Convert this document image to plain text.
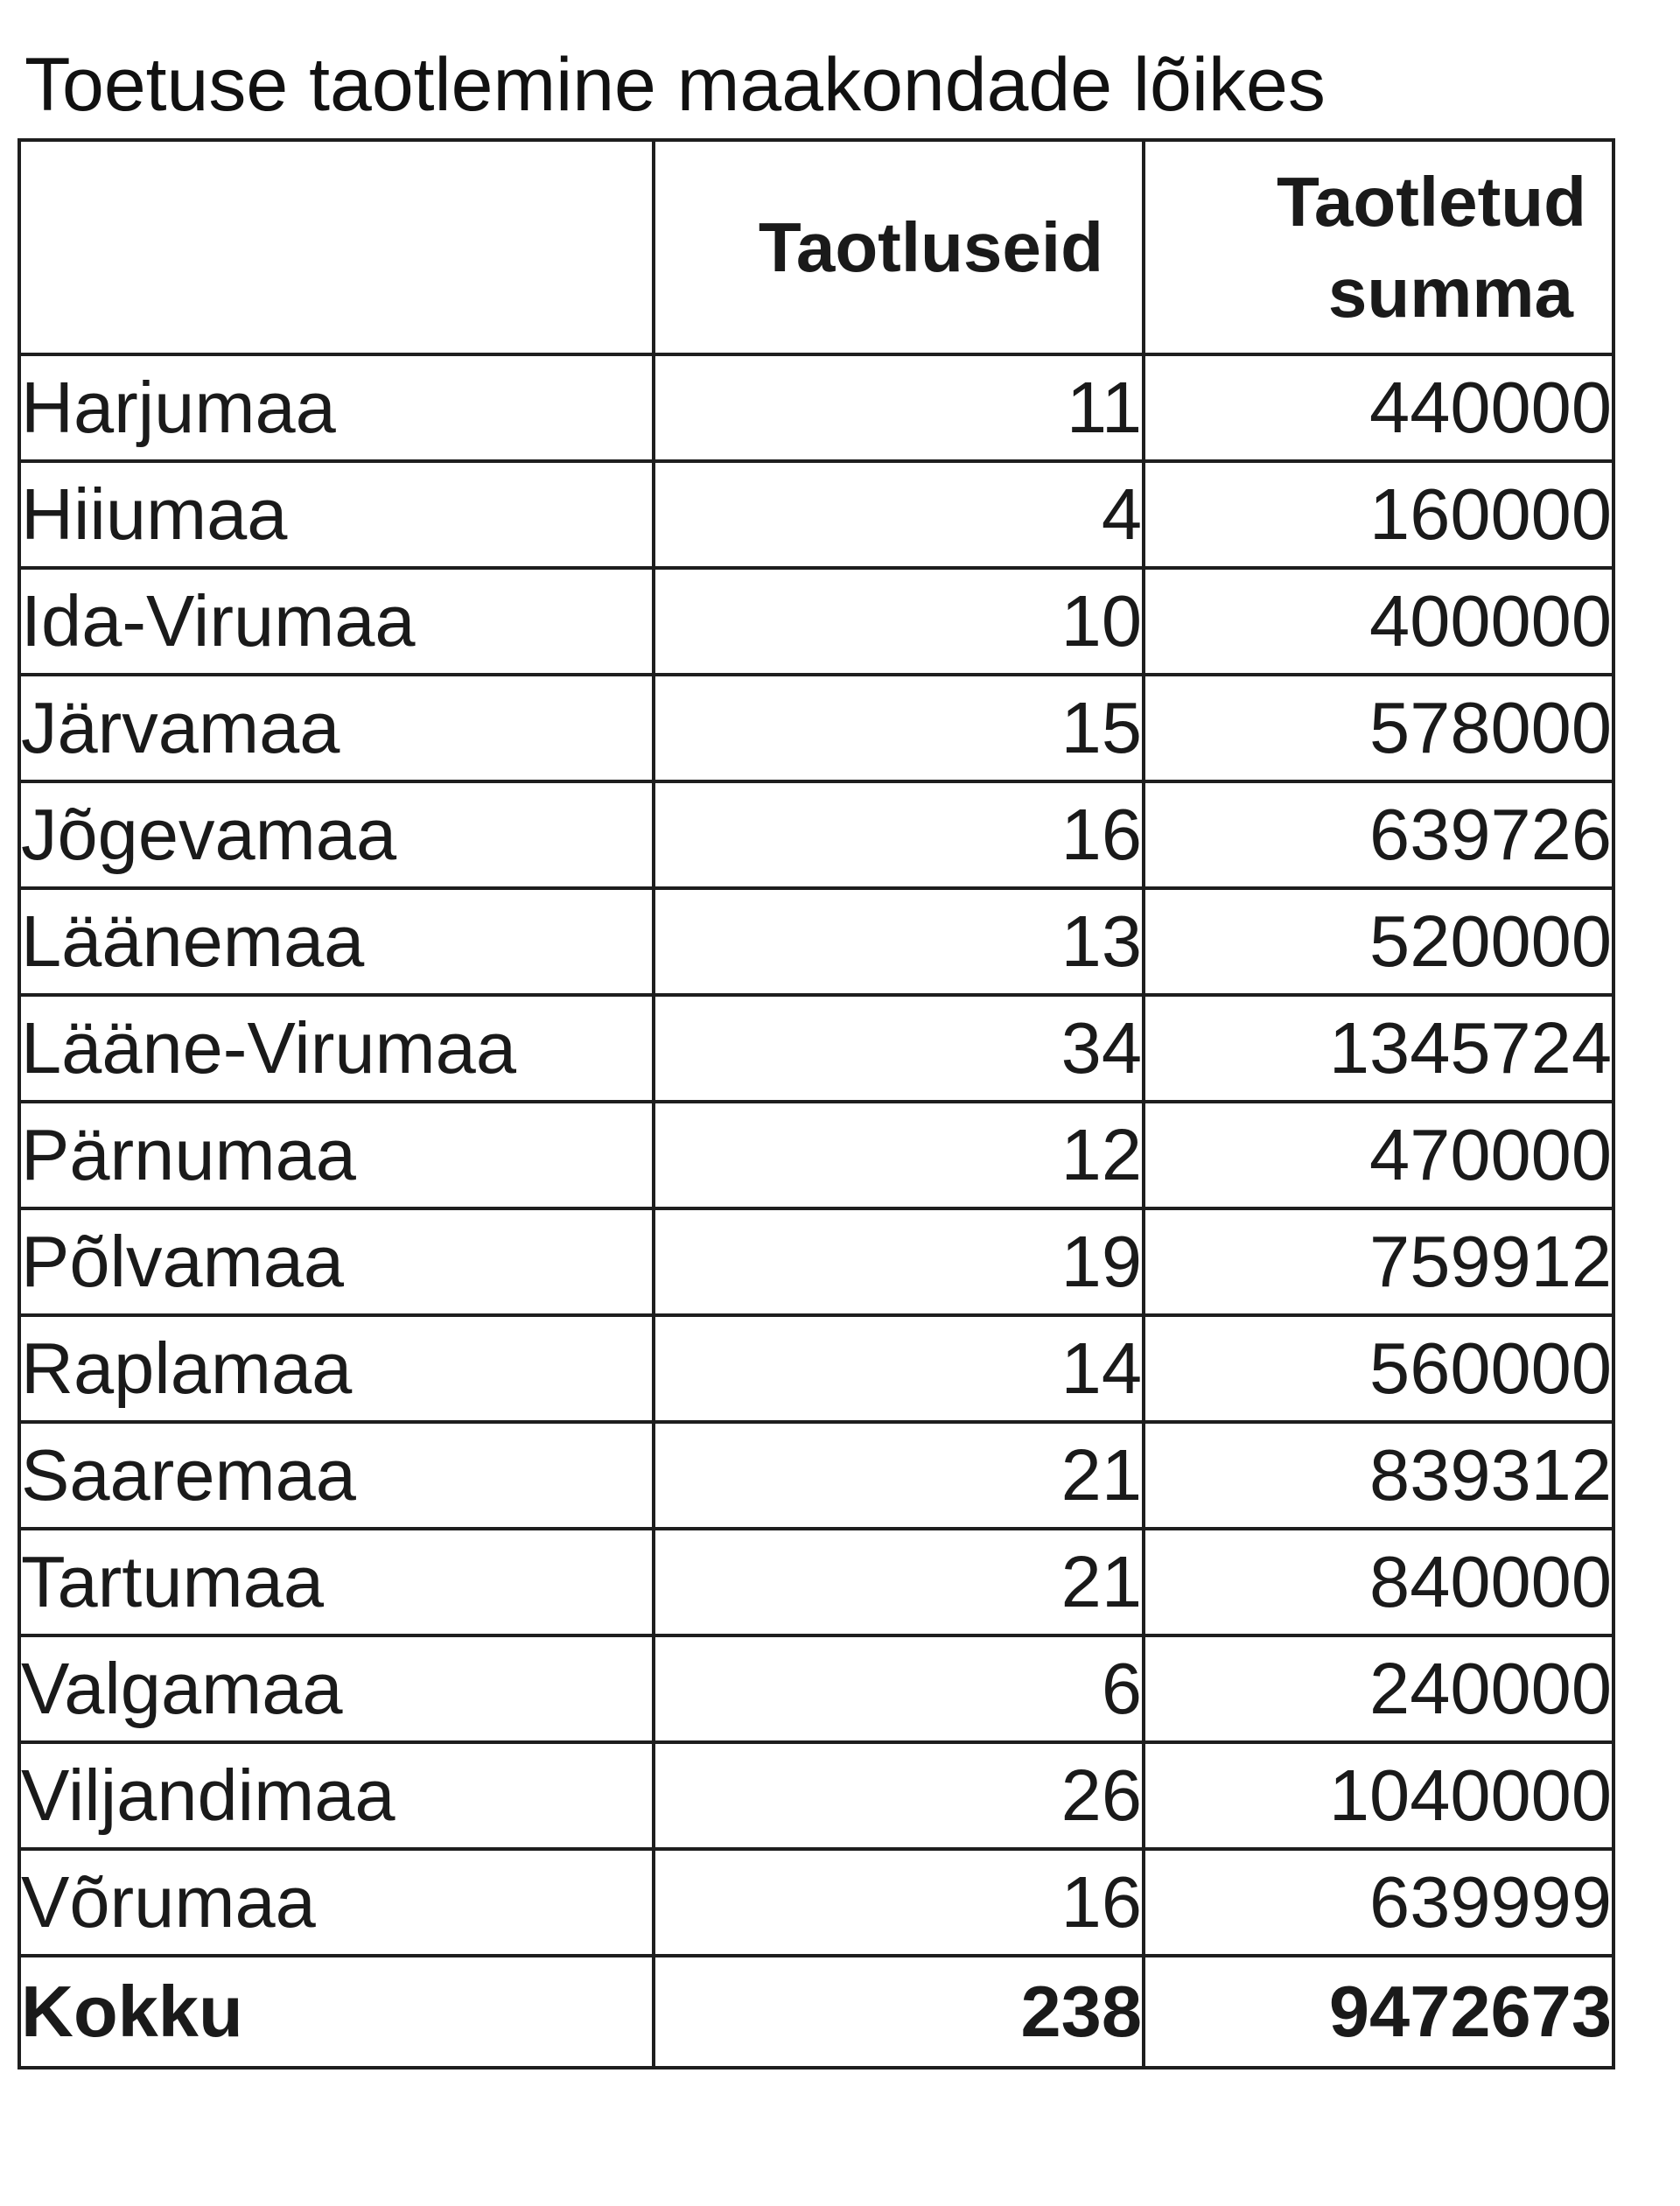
Toetuse taotlemine maakondade lõikes
	Taotluseid	Taotletud summa
Harjumaa	11	440000
Hiiumaa	4	160000
Ida-Virumaa	10	400000
Järvamaa	15	578000
Jõgevamaa	16	639726
Läänemaa	13	520000
Lääne-Virumaa	34	1345724
Pärnumaa	12	470000
Põlvamaa	19	759912
Raplamaa	14	560000
Saaremaa	21	839312
Tartumaa	21	840000
Valgamaa	6	240000
Viljandimaa	26	1040000
Võrumaa	16	639999
Kokku	238	9472673
